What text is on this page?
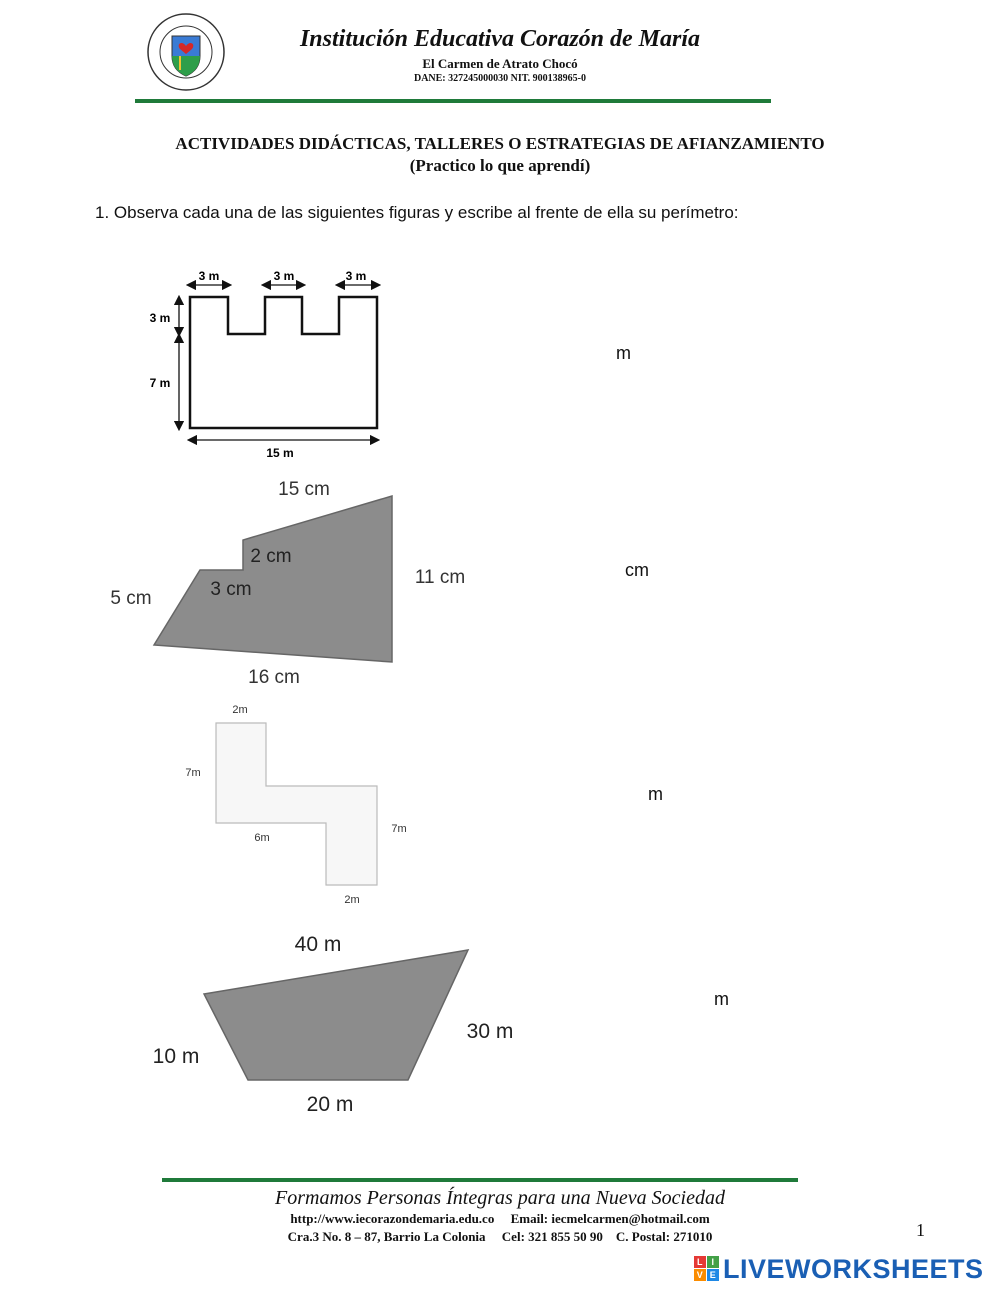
Institución Educativa Corazón de María
El Carmen de Atrato Chocó
DANE: 327245000030 NIT. 900138965-0
ACTIVIDADES DIDÁCTICAS, TALLERES O ESTRATEGIAS DE AFIANZAMIENTO
(Practico lo que aprendí)
1. Observa cada una de las siguientes figuras y escribe al frente de ella su perímetro:
3 m	3 m	3 m
3 m
7 m
15 m
15 cm
2 cm
3 cm
5 cm
11 cm
16 cm
2m
7m
6m
7m
2m
40 m
10 m
30 m
20 m
m
cm
m
m
Formamos Personas Íntegras para una Nueva Sociedad
http://www.iecorazondemaria.edu.co Email: iecmelcarmen@hotmail.com
Cra.3 No. 8 – 87, Barrio La Colonia Cel: 321 855 50 90 C. Postal: 271010	1
L I
V E LIVEWORKSHEETS
